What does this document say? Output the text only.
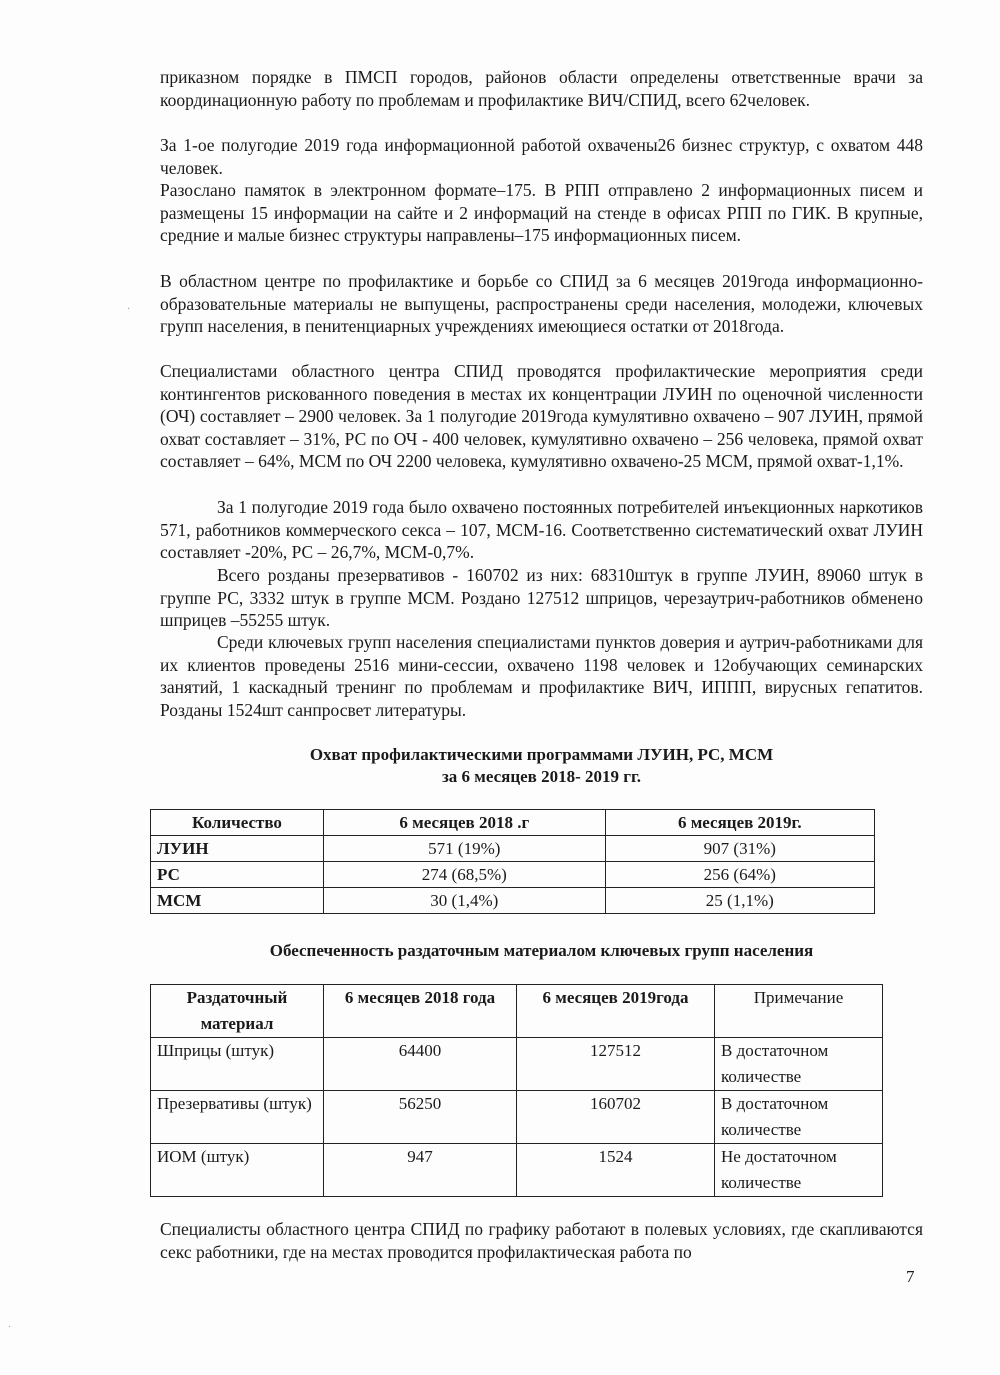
приказном порядке в ПМСП городов, районов области определены ответственные врачи за координационную работу по проблемам и профилактике ВИЧ/СПИД, всего 62человек.

За 1-ое полугодие 2019 года информационной работой охвачены26 бизнес структур, с охватом 448 человек.

Разослано памяток в электронном формате–175. В РПП отправлено 2 информационных писем и размещены 15 информации на сайте и 2 информаций на стенде в офисах РПП по ГИК. В крупные, средние и малые бизнес структуры направлены–175 информационных писем.

В областном центре по профилактике и борьбе со СПИД за 6 месяцев 2019года информационно-образовательные материалы не выпущены, распространены среди населения, молодежи, ключевых групп населения, в пенитенциарных учреждениях имеющиеся остатки от 2018года.

Специалистами областного центра СПИД проводятся профилактические мероприятия среди контингентов рискованного поведения в местах их концентрации ЛУИН по оценочной численности (ОЧ) составляет – 2900 человек. За 1 полугодие 2019года кумулятивно охвачено – 907 ЛУИН, прямой охват составляет – 31%, РС по ОЧ - 400 человек, кумулятивно охвачено – 256 человека, прямой охват составляет – 64%, МСМ по ОЧ 2200 человека, кумулятивно охвачено-25 МСМ, прямой охват-1,1%.

За 1 полугодие 2019 года было охвачено постоянных потребителей инъекционных наркотиков 571, работников коммерческого секса – 107, МСМ-16. Соответственно систематический охват ЛУИН составляет -20%, РС – 26,7%, МСМ-0,7%.

Всего розданы презервативов - 160702 из них: 68310штук в группе ЛУИН, 89060 штук в группе РС, 3332 штук в группе МСМ. Роздано 127512 шприцов, черезаутрич-работников обменено шприцев –55255 штук.

Среди ключевых групп населения специалистами пунктов доверия и аутрич-работниками для их клиентов проведены 2516 мини-сессии, охвачено 1198 человек и 12обучающих семинарских занятий, 1 каскадный тренинг по проблемам и профилактике ВИЧ, ИППП, вирусных гепатитов. Розданы 1524шт санпросвет литературы.

Охват профилактическими программами ЛУИН, РС, МСМ
за 6 месяцев 2018- 2019 гг.

Количество	6 месяцев 2018 .г	6 месяцев 2019г.
ЛУИН	571 (19%)	907 (31%)
РС	274 (68,5%)	256 (64%)
МСМ	30 (1,4%)	25 (1,1%)

Обеспеченность раздаточным материалом ключевых групп населения

Раздаточный материал	6 месяцев 2018 года	6 месяцев 2019года	Примечание
Шприцы (штук)	64400	127512	В достаточном количестве
Презервативы (штук)	56250	160702	В достаточном количестве
ИОМ (штук)	947	1524	Не достаточном количестве

Специалисты областного центра СПИД по графику работают в полевых условиях, где скапливаются секс работники, где на местах проводится профилактическая работа по

7
·
·
